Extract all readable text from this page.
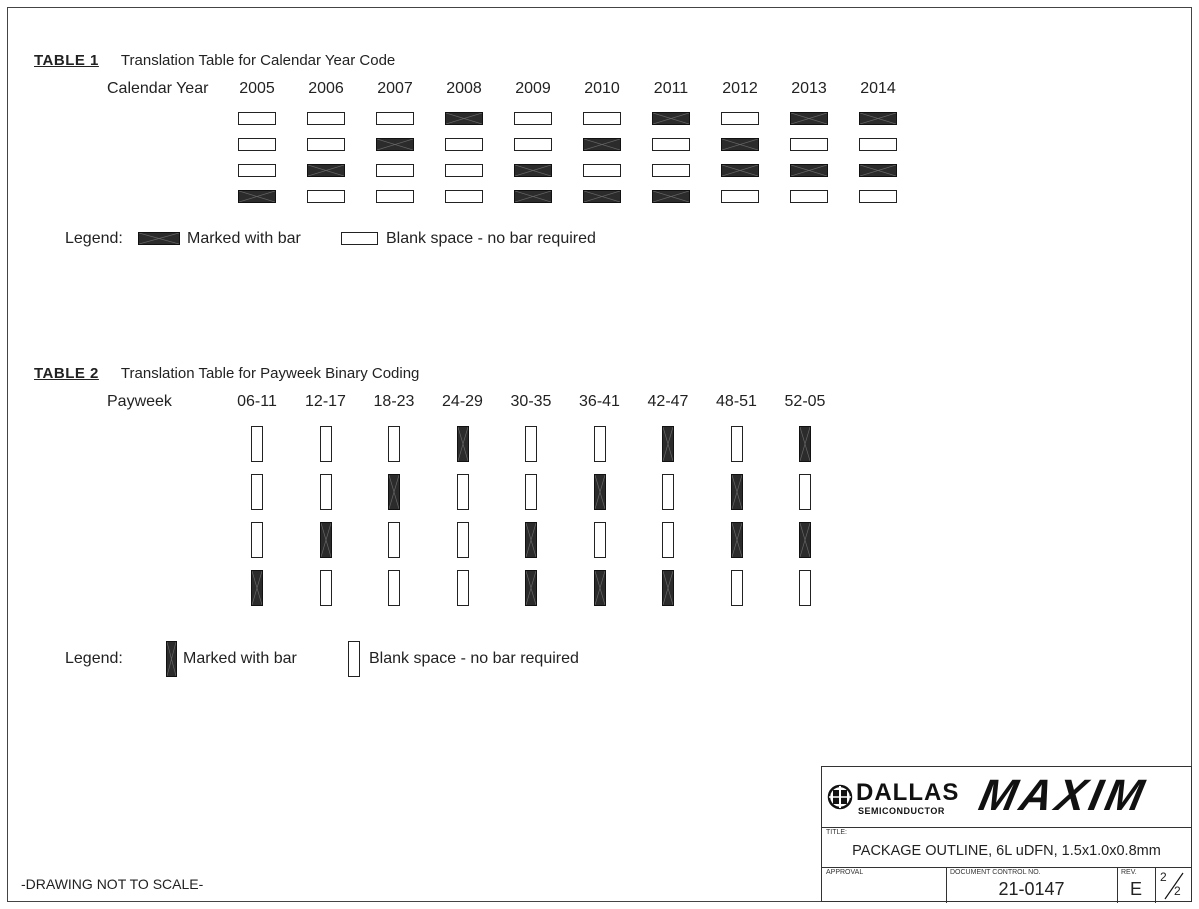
TABLE 1 Translation Table for Calendar Year Code
Calendar Year	2005	2006	2007	2008	2009	2010	2011	2012	2013	2014
Legend:	Marked with bar	Blank space - no bar required
TABLE 2 Translation Table for Payweek Binary Coding
Payweek	06-11	12-17	18-23	24-29	30-35	36-41	42-47	48-51	52-05
Legend:	Marked with bar	Blank space - no bar required
-DRAWING NOT TO SCALE-
DALLAS
SEMICONDUCTOR MAXIM
TITLE:
PACKAGE OUTLINE, 6L uDFN, 1.5x1.0x0.8mm
APPROVAL	DOCUMENT CONTROL NO.
21-0147
REV.
E
2
2
